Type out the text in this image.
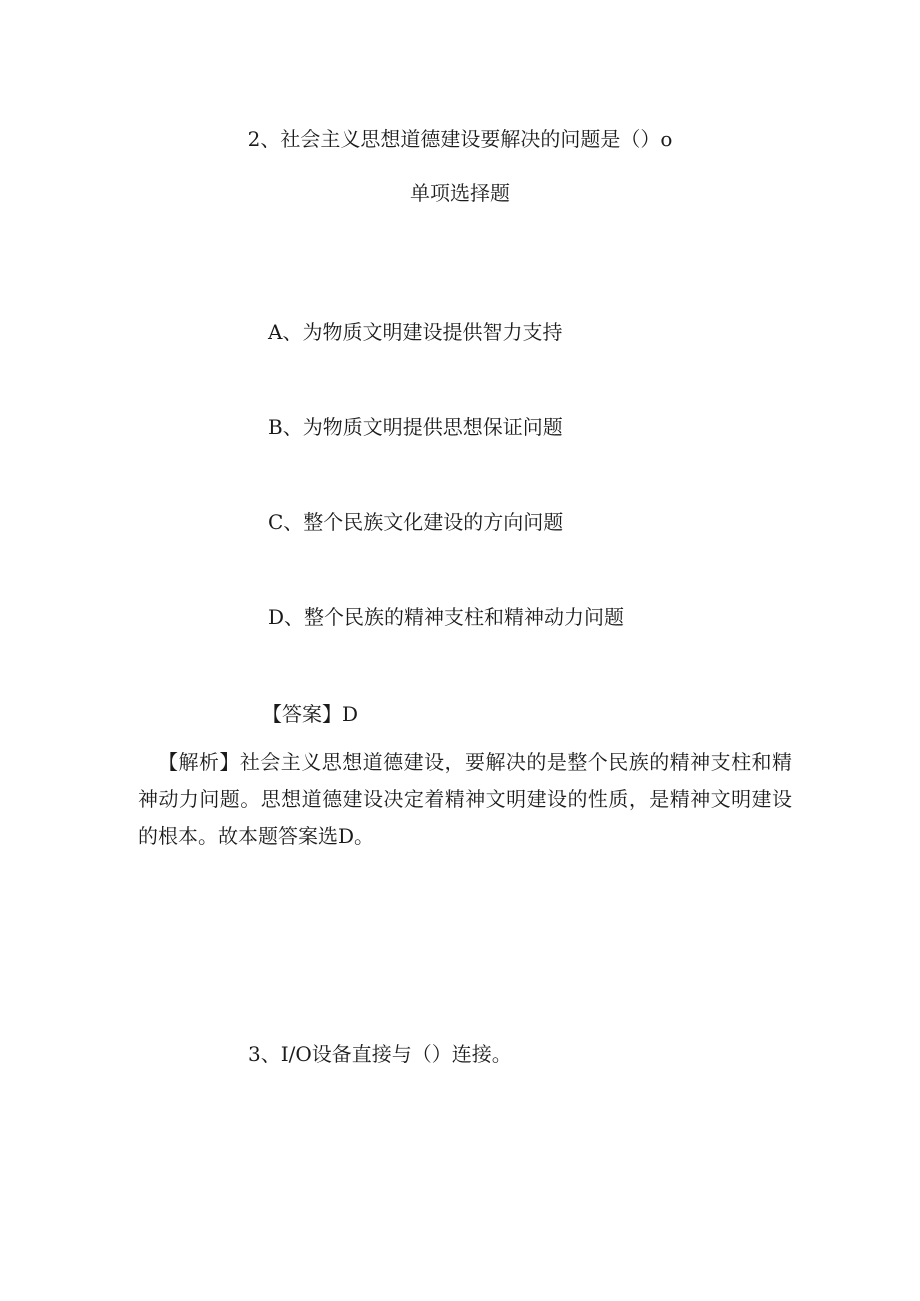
2、社会主义思想道德建设要解决的问题是（）o
单项选择题
A、为物质文明建设提供智力支持
B、为物质文明提供思想保证问题
C、整个民族文化建设的方向问题
D、整个民族的精神支柱和精神动力问题
【答案】D
【解析】社会主义思想道德建设，要解决的是整个民族的精神支柱和精神动力问题。思想道德建设决定着精神文明建设的性质，是精神文明建设的根本。故本题答案选D。
3、I/O设备直接与（）连接。
